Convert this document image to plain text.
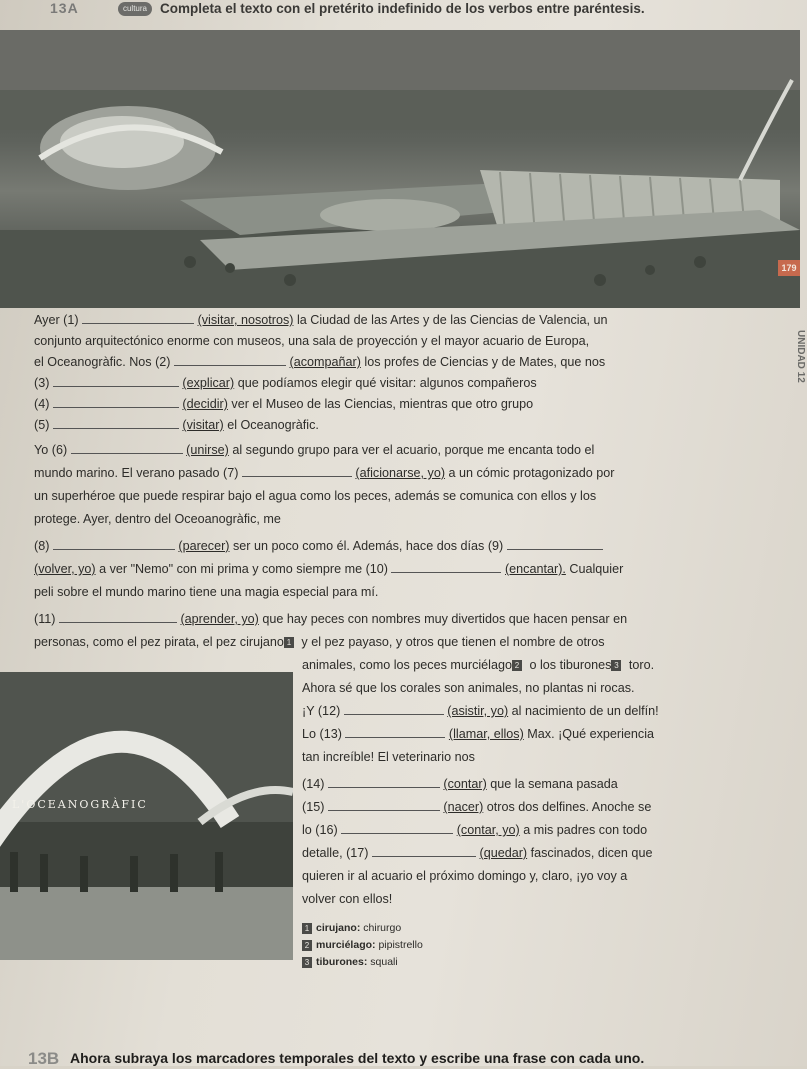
13A	cultura Completa el texto con el pretérito indefinido de los verbos entre paréntesis.
179
UNIDAD 12
Ayer (1)	(visitar, nosotros) la Ciudad de las Artes y de las Ciencias de Valencia, un
conjunto arquitectónico enorme con museos, una sala de proyección y el mayor acuario de Europa,
el Oceanogràfic. Nos (2)	(acompañar) los profes de Ciencias y de Mates, que nos
(3)	(explicar) que podíamos elegir qué visitar: algunos compañeros
(4)	(decidir) ver el Museo de las Ciencias, mientras que otro grupo
(5)	(visitar) el Oceanogràfic.
Yo (6)	(unirse) al segundo grupo para ver el acuario, porque me encanta todo el
mundo marino. El verano pasado (7)	(aficionarse, yo) a un cómic protagonizado por
un superhéroe que puede respirar bajo el agua como los peces, además se comunica con ellos y los
protege. Ayer, dentro del Oceoanogràfic, me
(8)	(parecer) ser un poco como él. Además, hace dos días (9)
(volver, yo) a ver "Nemo" con mi prima y como siempre me (10)	(encantar). Cualquier
peli sobre el mundo marino tiene una magia especial para mí.
(11)	(aprender, yo) que hay peces con nombres muy divertidos que hacen pensar en
personas, como el pez pirata, el pez cirujano 1 y el pez payaso, y otros que tienen el nombre de otros
L'OCEANOGRÀFIC
animales, como los peces murciélago 2 o los tiburones 3 toro.
Ahora sé que los corales son animales, no plantas ni rocas.
¡Y (12)	(asistir, yo) al nacimiento de un delfín!
Lo (13)	(llamar, ellos) Max. ¡Qué experiencia
tan increíble! El veterinario nos
(14)	(contar) que la semana pasada
(15)	(nacer) otros dos delfines. Anoche se
lo (16)	(contar, yo) a mis padres con todo
detalle, (17)	(quedar) fascinados, dicen que
quieren ir al acuario el próximo domingo y, claro, ¡yo voy a
volver con ellos!
1 cirujano: chirurgo
2 murciélago: pipistrello
3 tiburones: squali
13B Ahora subraya los marcadores temporales del texto y escribe una frase con cada uno.
